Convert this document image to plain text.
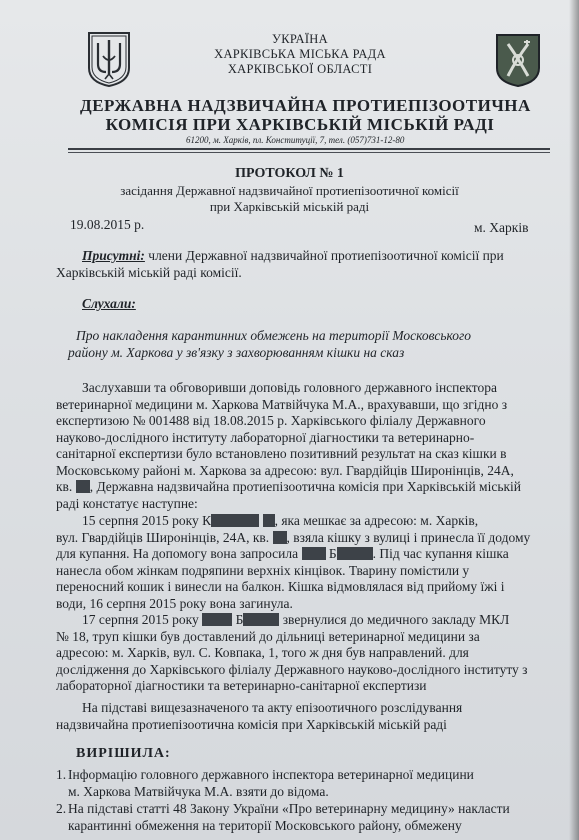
УКРАЇНА
ХАРКІВСЬКА МІСЬКА РАДА
ХАРКІВСЬКОЇ ОБЛАСТІ
ДЕРЖАВНА НАДЗВИЧАЙНА ПРОТИЕПІЗООТИЧНА
КОМІСІЯ ПРИ ХАРКІВСЬКІЙ МІСЬКІЙ РАДІ
61200, м. Харків, пл. Конституції, 7, тел. (057)731-12-80
ПРОТОКОЛ № 1
засідання Державної надзвичайної протиепізоотичної комісії
при Харківській міській раді
19.08.2015 р.	м. Харків
Присутні: члени Державної надзвичайної протиепізоотичної комісії при
Харківській міській раді комісії.
Слухали:
Про накладення карантинних обмежень на території Московського
району м. Харкова у зв'язку з захворюванням кішки на сказ
Заслухавши та обговоривши доповідь головного державного інспектора
ветеринарної медицини м. Харкова Матвійчука М.А., врахувавши, що згідно з
експертизою № 001488 від 18.08.2015 р. Харківського філіалу Державного
науково-дослідного інституту лабораторної діагностики та ветеринарно-
санітарної експертизи було встановлено позитивний результат на сказ кішки в
Московському районі м. Харкова за адресою: вул. Гвардійців Широнінців, 24А,
кв. , Державна надзвичайна протиепізоотична комісія при Харківській міській
раді констатує наступне:
15 серпня 2015 року К	, яка мешкає за адресою: м. Харків,
вул. Гвардійців Широнінців, 24А, кв. , взяла кішку з вулиці і принесла її додому
для купання. На допомогу вона запросила Б	. Під час купання кішка
нанесла обом жінкам подряпини верхніх кінцівок. Тварину помістили у
переносний кошик і винесли на балкон. Кішка відмовлялася від прийому їжі і
води, 16 серпня 2015 року вона загинула.
17 серпня 2015 року	Б	звернулися до медичного закладу МКЛ
№ 18, труп кішки був доставлений до дільниці ветеринарної медицини за
адресою: м. Харків, вул. С. Ковпака, 1, того ж дня був направлений. для
дослідження до Харківського філіалу Державного науково-дослідного інституту з
лабораторної діагностики та ветеринарно-санітарної експертизи
На підставі вищезазначеного та акту епізоотичного розслідування
надзвичайна протиепізоотична комісія при Харківській міській раді
ВИРІШИЛА:
1. Інформацію головного державного інспектора ветеринарної медицини
м. Харкова Матвійчука М.А. взяти до відома.
2. На підставі статті 48 Закону України «Про ветеринарну медицину» накласти
карантинні обмеження на території Московського району, обмежену
